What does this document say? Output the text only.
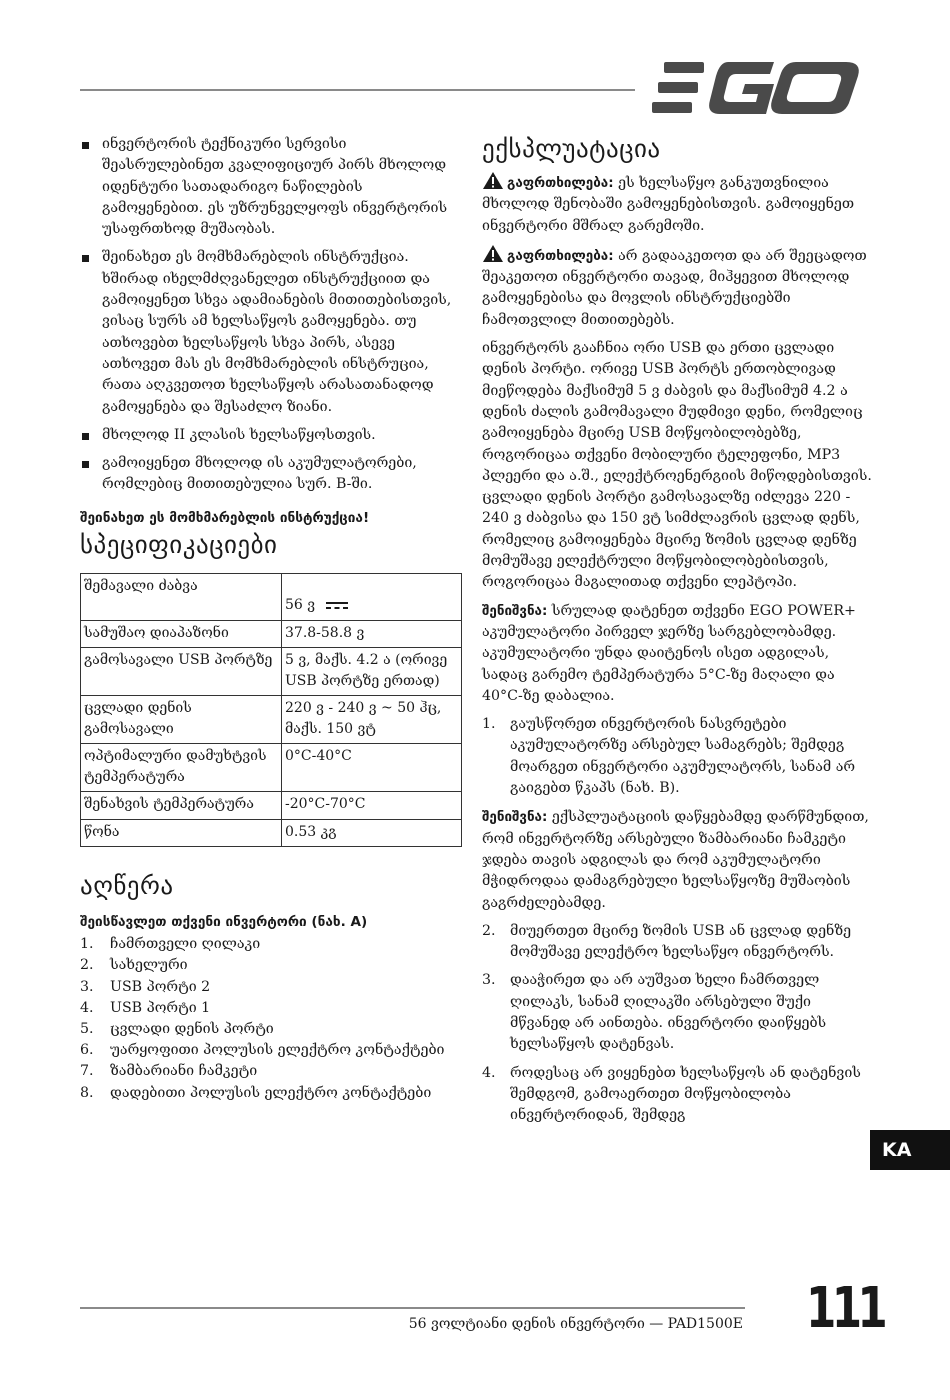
ინვერტორის ტექნიკური სერვისი შეასრულებინეთ კვალიფიციურ პირს მხოლოდ იდენტური სათადარიგო ნაწილების გამოყენებით. ეს უზრუნველყოფს ინვერტორის უსაფრთხოდ მუშაობას.
შეინახეთ ეს მომხმარებლის ინსტრუქცია. ხშირად იხელმძღვანელეთ ინსტრუქციით და გამოიყენეთ სხვა ადამიანების მითითებისთვის, ვისაც სურს ამ ხელსაწყოს გამოყენება. თუ ათხოვებთ ხელსაწყოს სხვა პირს, ასევე ათხოვეთ მას ეს მომხმარებლის ინსტრუცია, რათა აღკვეთოთ ხელსაწყოს არასათანადოდ გამოყენება და შესაძლო ზიანი.
მხოლოდ II კლასის ხელსაწყოსთვის.
გამოიყენეთ მხოლოდ ის აკუმულატორები, რომლებიც მითითებულია სურ. B-ში.
შეინახეთ ეს მომხმარებლის ინსტრუქცია!
სპეციფიკაციები
შემავალი ძაბვა	56 ვ
სამუშაო დიაპაზონი	37.8-58.8 ვ
გამოსავალი USB პორტზე	5 ვ, მაქს. 4.2 ა (ორივე USB პორტზე ერთად)
ცვლადი დენის გამოსავალი	220 ვ - 240 ვ ~ 50 ჰც, მაქს. 150 ვტ
ოპტიმალური დამუხტვის ტემპერატურა	0°C-40°C
შენახვის ტემპერატურა	-20°C-70°C
წონა	0.53 კგ
აღწერა
შეისწავლეთ თქვენი ინვერტორი (ნახ. A)
1.	ჩამრთველი ღილაკი
2.	სახელური
3.	USB პორტი 2
4.	USB პორტი 1
5.	ცვლადი დენის პორტი
6.	უარყოფითი პოლუსის ელექტრო კონტაქტები
7.	ზამბარიანი ჩამკეტი
8.	დადებითი პოლუსის ელექტრო კონტაქტები
ექსპლუატაცია

გაფრთხილება: ეს ხელსაწყო განკუთვნილია მხოლოდ შენობაში გამოყენებისთვის. გამოიყენეთ ინვერტორი მშრალ გარემოში.

გაფრთხილება: არ გადააკეთოთ და არ შეეცადოთ შეაკეთოთ ინვერტორი თავად, მიჰყევით მხოლოდ გამოყენებისა და მოვლის ინსტრუქციებში ჩამოთვლილ მითითებებს.

ინვერტორს გააჩნია ორი USB და ერთი ცვლადი დენის პორტი. ორივე USB პორტს ერთობლივად მიეწოდება მაქსიმუმ 5 ვ ძაბვის და მაქსიმუმ 4.2 ა დენის ძალის გამომავალი მუდმივი დენი, რომელიც გამოიყენება მცირე USB მოწყობილობებზე, როგორიცაა თქვენი მობილური ტელეფონი, MP3 პლეერი და ა.შ., ელექტროენერგიის მიწოდებისთვის. ცვლადი დენის პორტი გამოსავალზე იძლევა 220 - 240 ვ ძაბვისა და 150 ვტ სიმძლავრის ცვლად დენს, რომელიც გამოიყენება მცირე ზომის ცვლად დენზე მომუშავე ელექტრული მოწყობილობებისთვის, როგორიცაა მაგალითად თქვენი ლეპტოპი.

შენიშვნა: სრულად დატენეთ თქვენი EGO POWER+ აკუმულატორი პირველ ჯერზე სარგებლობამდე. აკუმულატორი უნდა დაიტენოს ისეთ ადგილას, სადაც გარემო ტემპერატურა 5°C-ზე მაღალი და 40°C-ზე დაბალია.

1.	გაუსწორეთ ინვერტორის ნასვრეტები აკუმულატორზე არსებულ სამაგრებს; შემდეგ მოარგეთ ინვერტორი აკუმულატორს, სანამ არ გაიგებთ წკაპს (ნახ. B).

შენიშვნა: ექსპლუატაციის დაწყებამდე დარწმუნდით, რომ ინვერტორზე არსებული ზამბარიანი ჩამკეტი ჯდება თავის ადგილას და რომ აკუმულატორი მჭიდროდაა დამაგრებული ხელსაწყოზე მუშაობის გაგრძელებამდე.

2.	მიუერთეთ მცირე ზომის USB ან ცვლად დენზე მომუშავე ელექტრო ხელსაწყო ინვერტორს.
3.	დააჭირეთ და არ აუშვათ ხელი ჩამრთველ ღილაკს, სანამ ღილაკში არსებული შუქი მწვანედ არ აინთება. ინვერტორი დაიწყებს ხელსაწყოს დატენვას.
4.	როდესაც არ ვიყენებთ ხელსაწყოს ან დატენვის შემდგომ, გამოაერთეთ მოწყობილობა ინვერტორიდან, შემდეგ
KA
56 ვოლტიანი დენის ინვერტორი — PAD1500E 111
